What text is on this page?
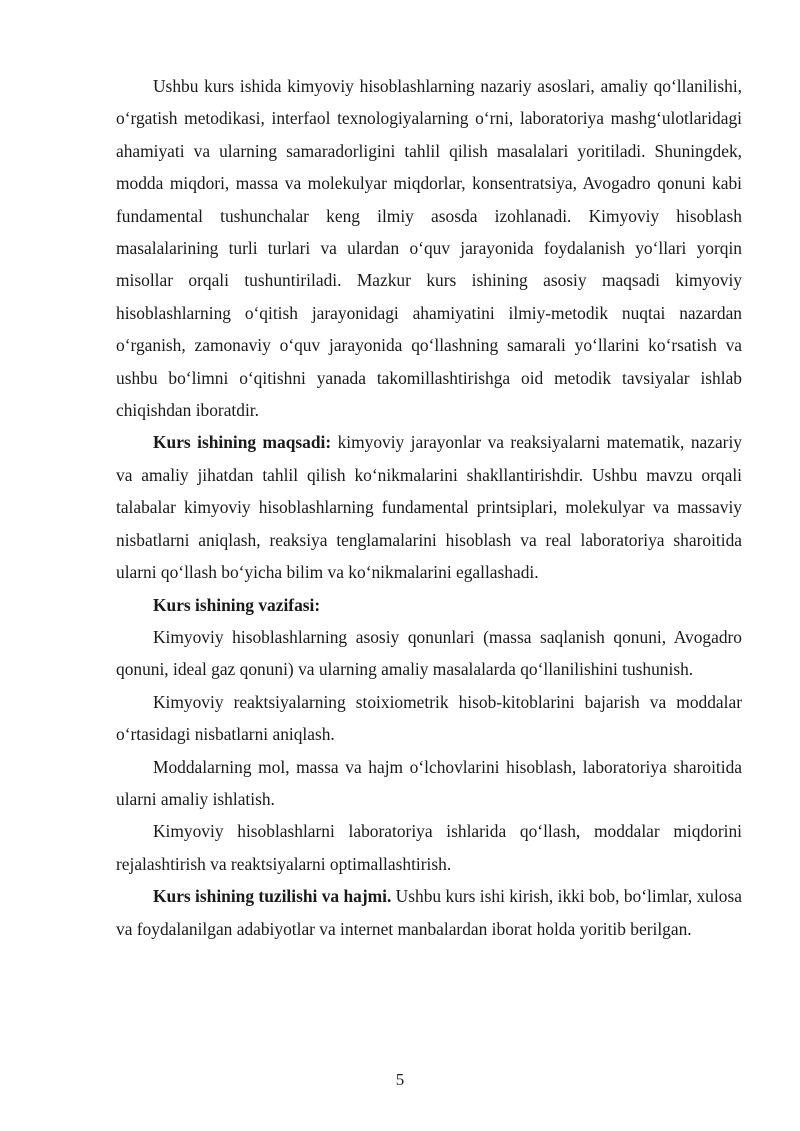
Ushbu kurs ishida kimyoviy hisoblashlarning nazariy asoslari, amaliy qo‘llanilishi, o‘rgatish metodikasi, interfaol texnologiyalarning o‘rni, laboratoriya mashg‘ulotlaridagi ahamiyati va ularning samaradorligini tahlil qilish masalalari yoritiladi. Shuningdek, modda miqdori, massa va molekulyar miqdorlar, konsentratsiya, Avogadro qonuni kabi fundamental tushunchalar keng ilmiy asosda izohlanadi. Kimyoviy hisoblash masalalarining turli turlari va ulardan o‘quv jarayonida foydalanish yo‘llari yorqin misollar orqali tushuntiriladi. Mazkur kurs ishining asosiy maqsadi kimyoviy hisoblashlarning o‘qitish jarayonidagi ahamiyatini ilmiy-metodik nuqtai nazardan o‘rganish, zamonaviy o‘quv jarayonida qo‘llashning samarali yo‘llarini ko‘rsatish va ushbu bo‘limni o‘qitishni yanada takomillashtirishga oid metodik tavsiyalar ishlab chiqishdan iboratdir.

Kurs ishining maqsadi: kimyoviy jarayonlar va reaksiyalarni matematik, nazariy va amaliy jihatdan tahlil qilish ko‘nikmalarini shakllantirishdir. Ushbu mavzu orqali talabalar kimyoviy hisoblashlarning fundamental printsiplari, molekulyar va massaviy nisbatlarni aniqlash, reaksiya tenglamalarini hisoblash va real laboratoriya sharoitida ularni qo‘llash bo‘yicha bilim va ko‘nikmalarini egallashadi.

Kurs ishining vazifasi:

Kimyoviy hisoblashlarning asosiy qonunlari (massa saqlanish qonuni, Avogadro qonuni, ideal gaz qonuni) va ularning amaliy masalalarda qo‘llanilishini tushunish.

Kimyoviy reaktsiyalarning stoixiometrik hisob-kitoblarini bajarish va moddalar o‘rtasidagi nisbatlarni aniqlash.

Moddalarning mol, massa va hajm o‘lchovlarini hisoblash, laboratoriya sharoitida ularni amaliy ishlatish.

Kimyoviy hisoblashlarni laboratoriya ishlarida qo‘llash, moddalar miqdorini rejalashtirish va reaktsiyalarni optimallashtirish.

Kurs ishining tuzilishi va hajmi. Ushbu kurs ishi kirish, ikki bob, bo‘limlar, xulosa va foydalanilgan adabiyotlar va internet manbalardan iborat holda yoritib berilgan.

5
